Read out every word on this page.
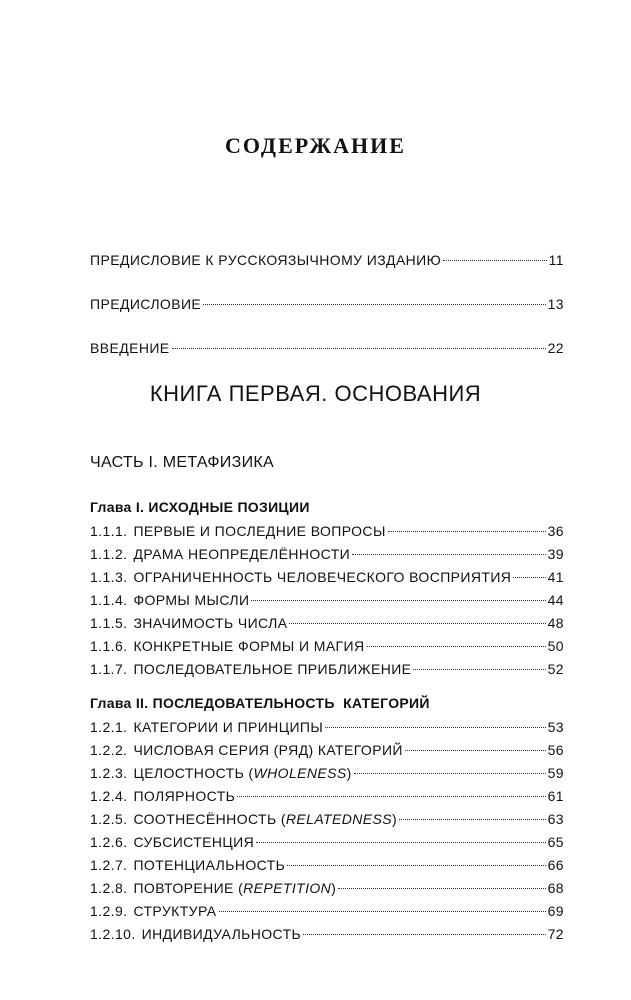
СОДЕРЖАНИЕ
ПРЕДИСЛОВИЕ К РУССКОЯЗЫЧНОМУ ИЗДАНИЮ	11
ПРЕДИСЛОВИЕ	13
ВВЕДЕНИЕ	22
КНИГА ПЕРВАЯ. ОСНОВАНИЯ
ЧАСТЬ I. МЕТАФИЗИКА
Глава I. ИСХОДНЫЕ ПОЗИЦИИ
1.1.1. ПЕРВЫЕ И ПОСЛЕДНИЕ ВОПРОСЫ	36
1.1.2. ДРАМА НЕОПРЕДЕЛЁННОСТИ	39
1.1.3. ОГРАНИЧЕННОСТЬ ЧЕЛОВЕЧЕСКОГО ВОСПРИЯТИЯ	41
1.1.4. ФОРМЫ МЫСЛИ	44
1.1.5. ЗНАЧИМОСТЬ ЧИСЛА	48
1.1.6. КОНКРЕТНЫЕ ФОРМЫ И МАГИЯ	50
1.1.7. ПОСЛЕДОВАТЕЛЬНОЕ ПРИБЛИЖЕНИЕ	52
Глава II. ПОСЛЕДОВАТЕЛЬНОСТЬ  КАТЕГОРИЙ
1.2.1. КАТЕГОРИИ И ПРИНЦИПЫ	53
1.2.2. ЧИСЛОВАЯ СЕРИЯ (РЯД) КАТЕГОРИЙ	56
1.2.3. ЦЕЛОСТНОСТЬ (WHOLENESS)	59
1.2.4. ПОЛЯРНОСТЬ	61
1.2.5. СООТНЕСЁННОСТЬ (RELATEDNESS)	63
1.2.6. СУБСИСТЕНЦИЯ	65
1.2.7. ПОТЕНЦИАЛЬНОСТЬ	66
1.2.8. ПОВТОРЕНИЕ (REPETITION)	68
1.2.9. СТРУКТУРА	69
1.2.10. ИНДИВИДУАЛЬНОСТЬ	72
